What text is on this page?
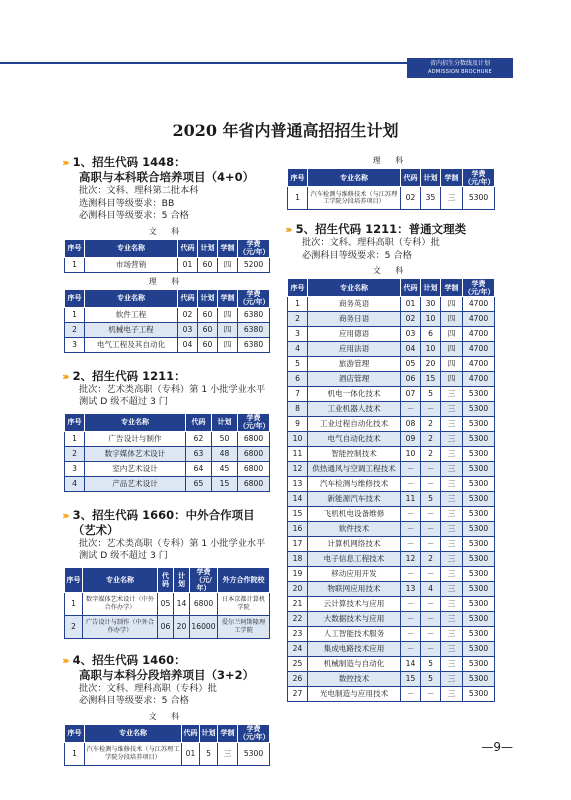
省内招生分数线及计划
ADMISSION BROCHURE
2020 年省内普通高招招生计划
››› 1、招生代码 1448：
高职与本科联合培养项目（4+0）
批次：文科、理科第二批本科
选测科目等级要求：BB
必测科目等级要求：5 合格
文 科
序号	专业名称	代码	计划	学制	学费（元/年）
1	市场营销	01	60	四	5200
理 科
序号	专业名称	代码	计划	学制	学费（元/年）
1	软件工程	02	60	四	6380
2	机械电子工程	03	60	四	6380
3	电气工程及其自动化	04	60	四	6380
››› 2、招生代码 1211：
批次：艺术类高职（专科）第 1 小批学业水平
测试 D 级不超过 3 门
序号	专业名称	代码	计划	学费（元/年）
1	广告设计与制作	62	50	6800
2	数字媒体艺术设计	63	48	6800
3	室内艺术设计	64	45	6800
4	产品艺术设计	65	15	6800
››› 3、招生代码 1660：中外合作项目（艺术）
批次：艺术类高职（专科）第 1 小批学业水平
测试 D 级不超过 3 门
序号	专业名称	代码	计划	学费（元/年）	外方合作院校
1	数字媒体艺术设计（中外合作办学）	05	14	6800	日本京都计算机学院
2	广告设计与制作（中外合作办学）	06	20	16000	爱尔兰阿斯隆理工学院
››› 4、招生代码 1460：
高职与本科分段培养项目（3+2）
批次：文科、理科高职（专科）批
必测科目等级要求：5 合格
文 科
序号	专业名称	代码	计划	学制	学费（元/年）
1	汽车检测与维修技术（与江苏理工学院分段培养项目）	01	5	三	5300
理 科
序号	专业名称	代码	计划	学制	学费（元/年）
1	汽车检测与维修技术（与江苏理工学院分段培养项目）	02	35	三	5300
››› 5、招生代码 1211：普通文理类
批次：文科、理科高职（专科）批
必测科目等级要求：5 合格
文 科
序号	专业名称	代码	计划	学制	学费（元/年）
1	商务英语	01	30	四	4700
2	商务日语	02	10	四	4700
3	应用德语	03	6	四	4700
4	应用法语	04	10	四	4700
5	旅游管理	05	20	四	4700
6	酒店管理	06	15	四	4700
7	机电一体化技术	07	5	三	5300
8	工业机器人技术	－	－	三	5300
9	工业过程自动化技术	08	2	三	5300
10	电气自动化技术	09	2	三	5300
11	智能控制技术	10	2	三	5300
12	供热通风与空调工程技术	－	－	三	5300
13	汽车检测与维修技术	－	－	三	5300
14	新能源汽车技术	11	5	三	5300
15	飞机机电设备维修	－	－	三	5300
16	软件技术	－	－	三	5300
17	计算机网络技术	－	－	三	5300
18	电子信息工程技术	12	2	三	5300
19	移动应用开发	－	－	三	5300
20	物联网应用技术	13	4	三	5300
21	云计算技术与应用	－	－	三	5300
22	大数据技术与应用	－	－	三	5300
23	人工智能技术服务	－	－	三	5300
24	集成电路技术应用	－	－	三	5300
25	机械制造与自动化	14	5	三	5300
26	数控技术	15	5	三	5300
27	光电制造与应用技术	－	－	三	5300
—9—
